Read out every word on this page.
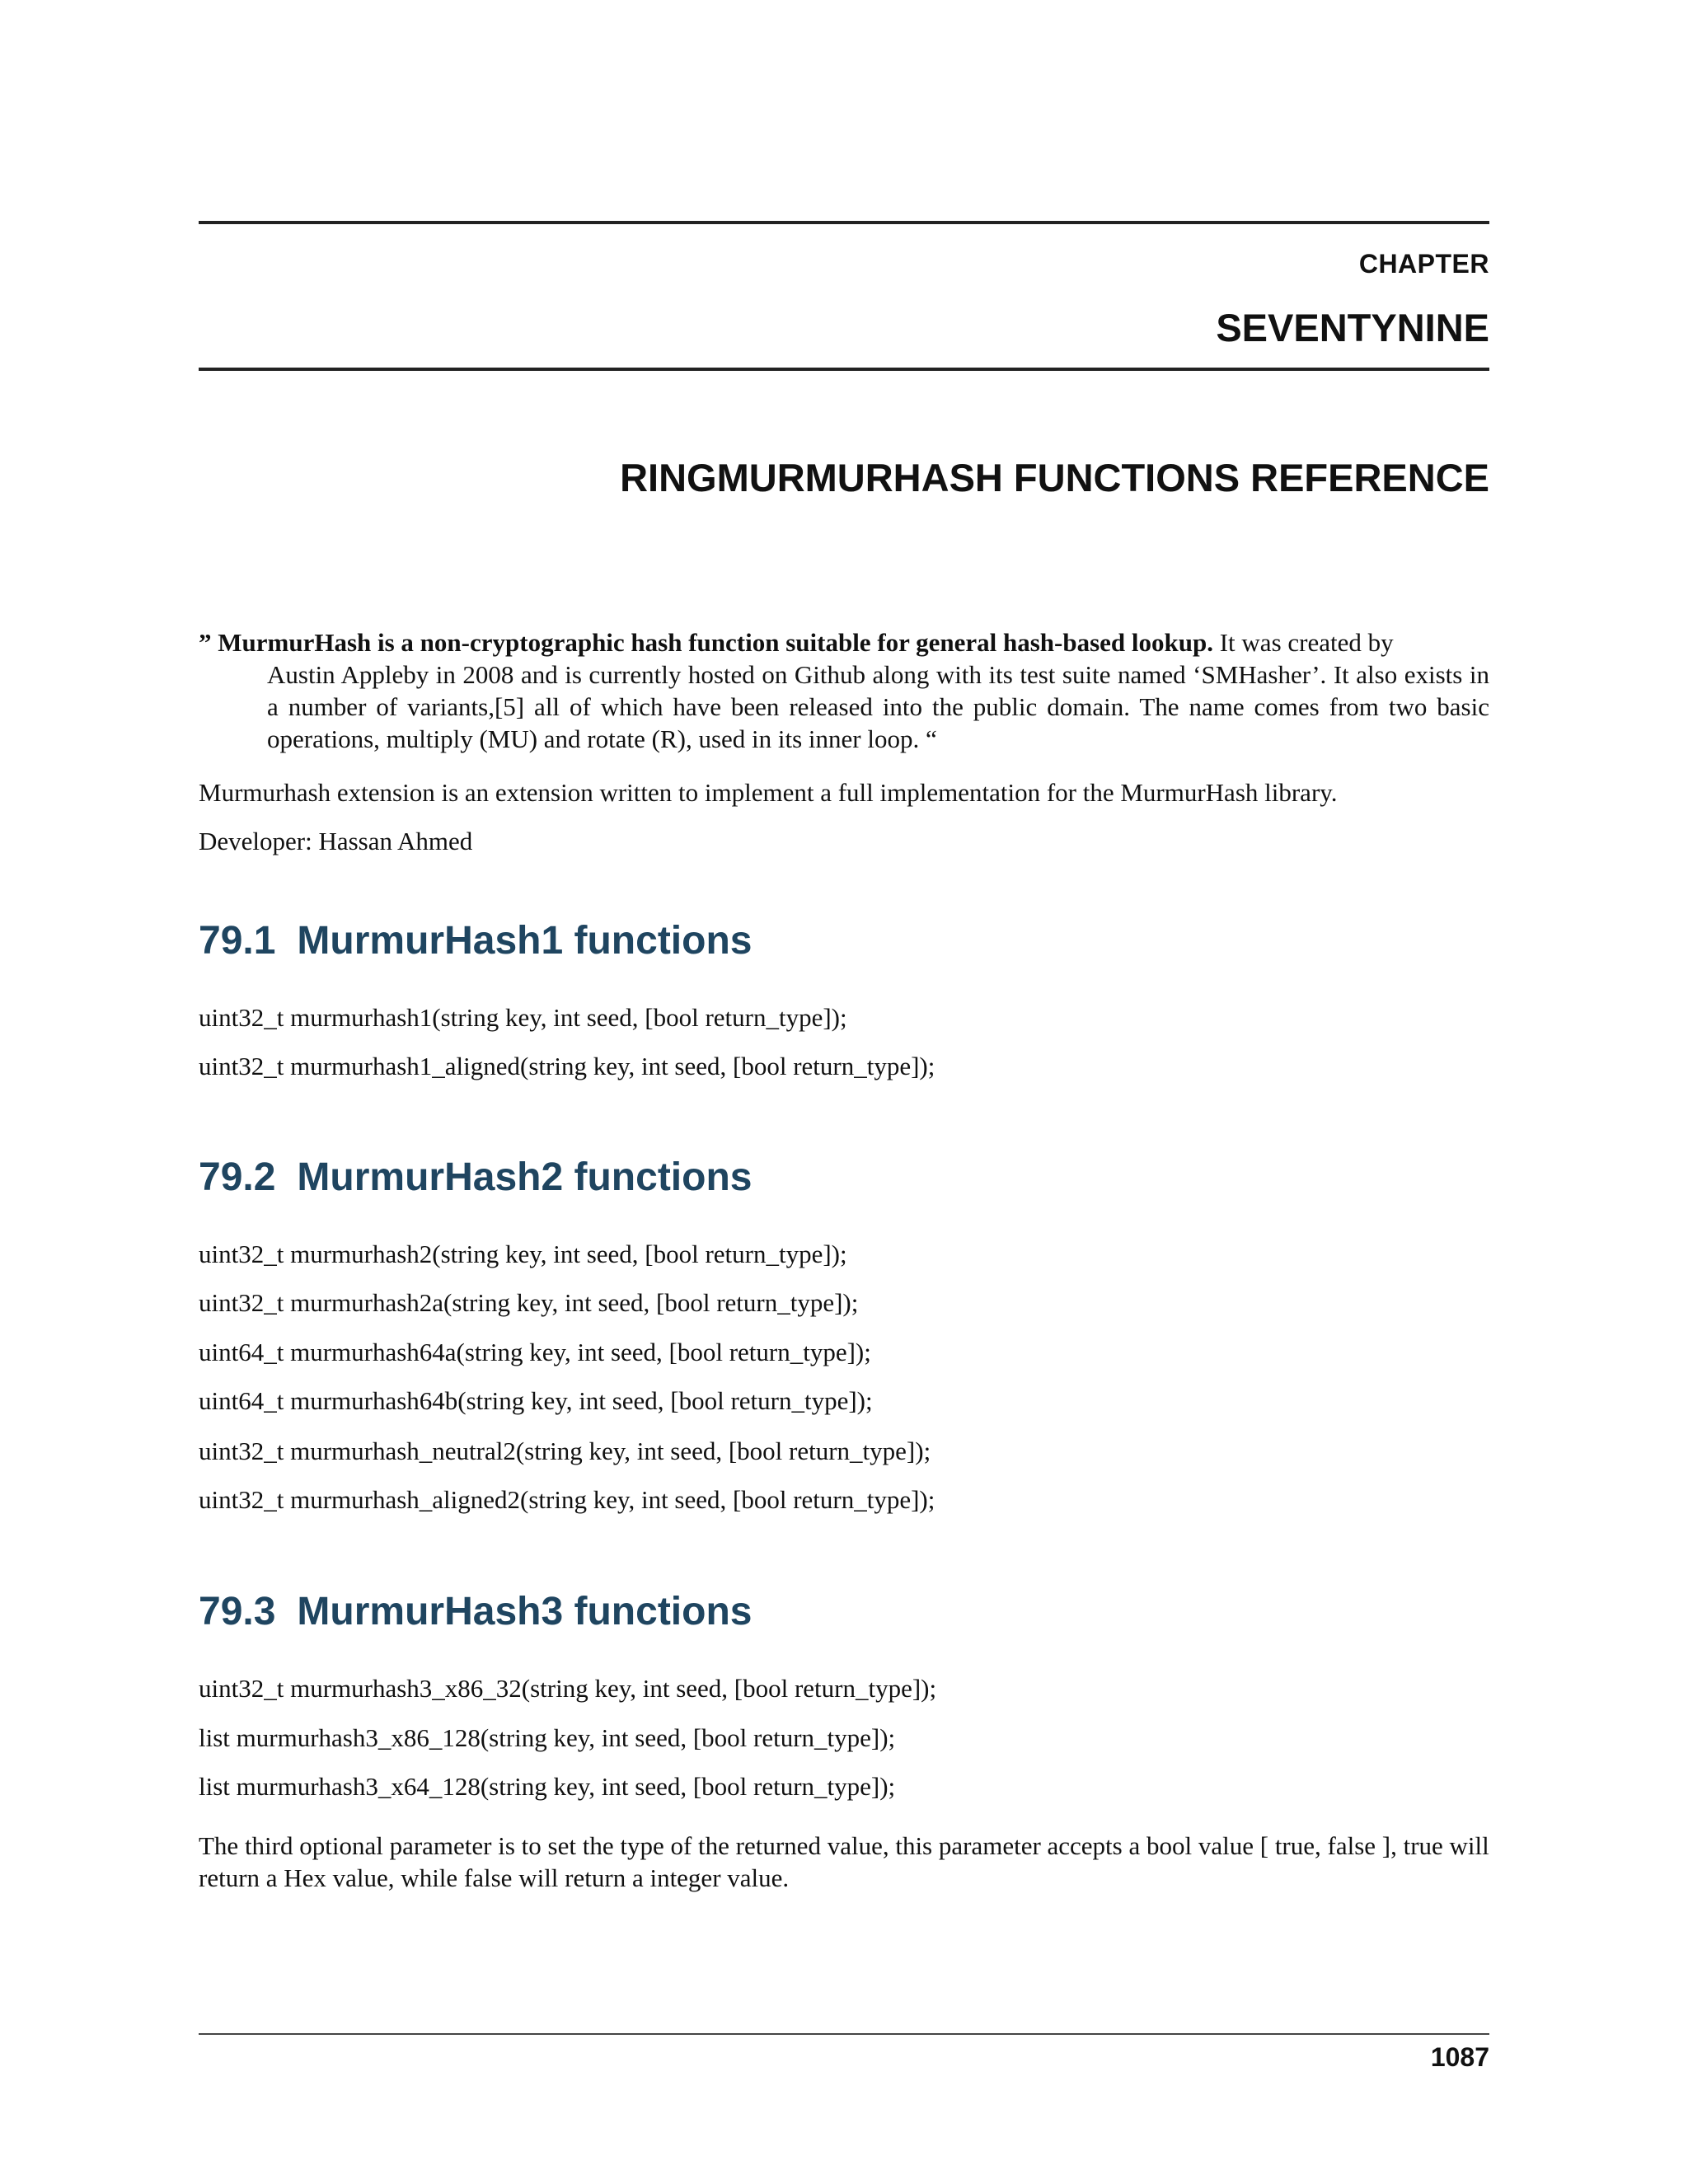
CHAPTER
SEVENTYNINE
RINGMURMURHASH FUNCTIONS REFERENCE
” MurmurHash is a non-cryptographic hash function suitable for general hash-based lookup. It was created by
Austin Appleby in 2008 and is currently hosted on Github along with its test suite named ‘SMHasher’. It also exists in a number of variants,[5] all of which have been released into the public domain. The name comes from two basic operations, multiply (MU) and rotate (R), used in its inner loop. “
Murmurhash extension is an extension written to implement a full implementation for the MurmurHash library.
Developer: Hassan Ahmed
79.1 MurmurHash1 functions
uint32_t murmurhash1(string key, int seed, [bool return_type]);
uint32_t murmurhash1_aligned(string key, int seed, [bool return_type]);
79.2 MurmurHash2 functions
uint32_t murmurhash2(string key, int seed, [bool return_type]);
uint32_t murmurhash2a(string key, int seed, [bool return_type]);
uint64_t murmurhash64a(string key, int seed, [bool return_type]);
uint64_t murmurhash64b(string key, int seed, [bool return_type]);
uint32_t murmurhash_neutral2(string key, int seed, [bool return_type]);
uint32_t murmurhash_aligned2(string key, int seed, [bool return_type]);
79.3 MurmurHash3 functions
uint32_t murmurhash3_x86_32(string key, int seed, [bool return_type]);
list murmurhash3_x86_128(string key, int seed, [bool return_type]);
list murmurhash3_x64_128(string key, int seed, [bool return_type]);
The third optional parameter is to set the type of the returned value, this parameter accepts a bool value [ true, false ], true will return a Hex value, while false will return a integer value.
1087
